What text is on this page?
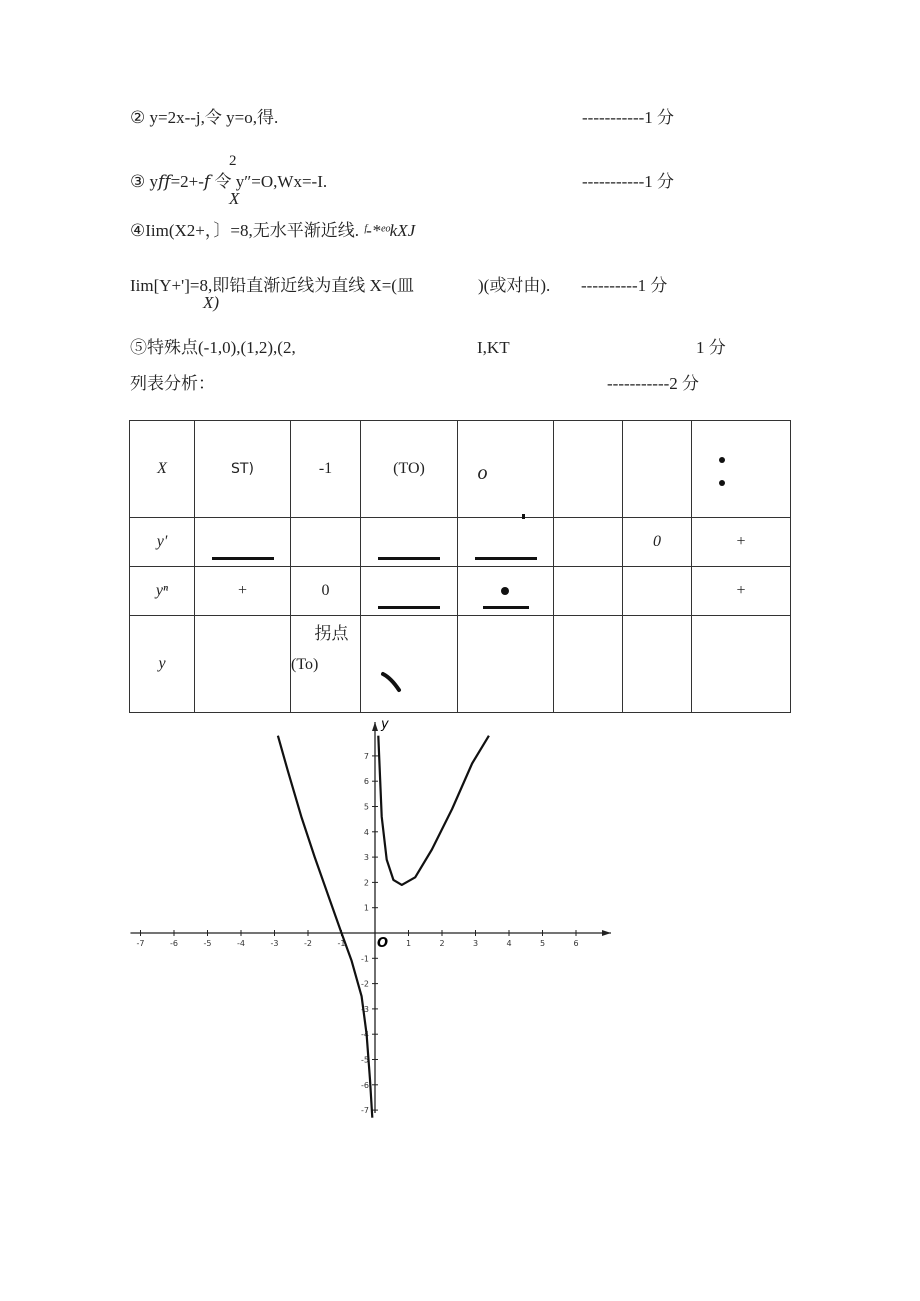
② y=2x--j,令 y=o,得.	-----------1 分
2
③ y𝑓𝑓=2+-𝑓 令 y″=O,Wx=-I.
X
-----------1 分
④Iim(X2+，〕=8,无水平渐近线. ᶠ-*ᵉᵒkXJ
Iim[Y+']=8,即铅直渐近线为直线 X=(皿
X)
)(或对由). ----------1 分
⑤特殊点(-1,0),(1,2),(2,	I,KT	1 分
列表分析：	-----------2 分
X	ST)	-1	(TO)	o

y'						0	+
yⁿ	+	0					+
y		拐点
(To)

-7	-6	-5	-4	-3	-2	-1	1	2	3	4	5	6
7
6
5
4
3
2
1
-1
-2
-3
-4
-5
-6
-7
y
O
